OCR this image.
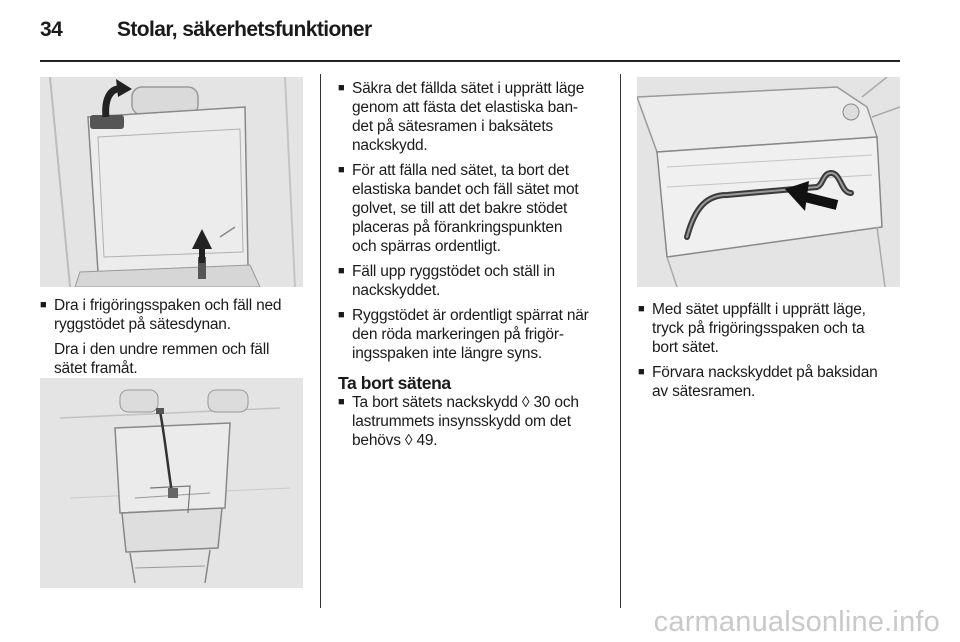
34	Stolar, säkerhetsfunktioner
■ Dra i frigöringsspaken och fäll ned
ryggstödet på sätesdynan.
Dra i den undre remmen och fäll
sätet framåt.
■ Säkra det fällda sätet i upprätt läge
genom att fästa det elastiska ban-
det på sätesramen i baksätets
nackskydd.
■ För att fälla ned sätet, ta bort det
elastiska bandet och fäll sätet mot
golvet, se till att det bakre stödet
placeras på förankringspunkten
och spärras ordentligt.
■ Fäll upp ryggstödet och ställ in
nackskyddet.
■ Ryggstödet är ordentligt spärrat när
den röda markeringen på frigör-
ingsspaken inte längre syns.
Ta bort sätena
■ Ta bort sätets nackskydd ◊ 30 och
lastrummets insynsskydd om det
behövs ◊ 49.
■ Med sätet uppfällt i upprätt läge,
tryck på frigöringsspaken och ta
bort sätet.
■ Förvara nackskyddet på baksidan
av sätesramen.
carmanualsonline.info
